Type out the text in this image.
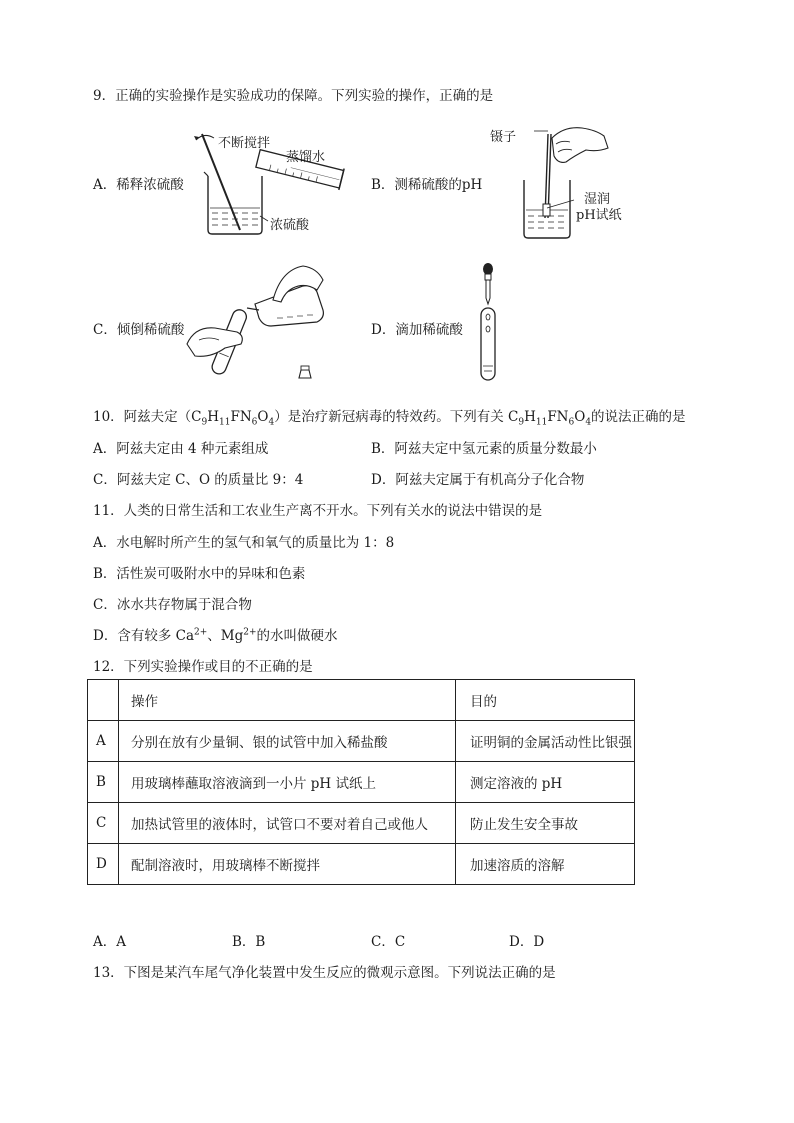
9．正确的实验操作是实验成功的保障。下列实验的操作，正确的是
A．稀释浓硫酸	B．测稀硫酸的pH
C．倾倒稀硫酸	D．滴加稀硫酸
不断搅拌
蒸馏水
浓硫酸
镊子
湿润
pH试纸
10．阿兹夫定$(C_9H_{11}FN_6O_4)$是治疗新冠病毒的特效药。下列有关 $C_9H_{11}FN_6O_4$的说法正确的是
A．阿兹夫定由 4 种元素组成	B．阿兹夫定中氢元素的质量分数最小
C．阿兹夫定 C、O 的质量比 9：4	D．阿兹夫定属于有机高分子化合物
11．人类的日常生活和工农业生产离不开水。下列有关水的说法中错误的是
A．水电解时所产生的氢气和氧气的质量比为 1：8
B．活性炭可吸附水中的异味和色素
C．冰水共存物属于混合物
D．含有较多 $Ca^{2+}$、$Mg^{2+}$的水叫做硬水
12．下列实验操作或目的不正确的是
	操作	目的
A	分别在放有少量铜、银的试管中加入稀盐酸	证明铜的金属活动性比银强
B	用玻璃棒蘸取溶液滴到一小片 pH 试纸上	测定溶液的 pH
C	加热试管里的液体时，试管口不要对着自己或他人	防止发生安全事故
D	配制溶液时，用玻璃棒不断搅拌	加速溶质的溶解
A．A	B．B	C．C	D．D
13．下图是某汽车尾气净化装置中发生反应的微观示意图。下列说法正确的是
